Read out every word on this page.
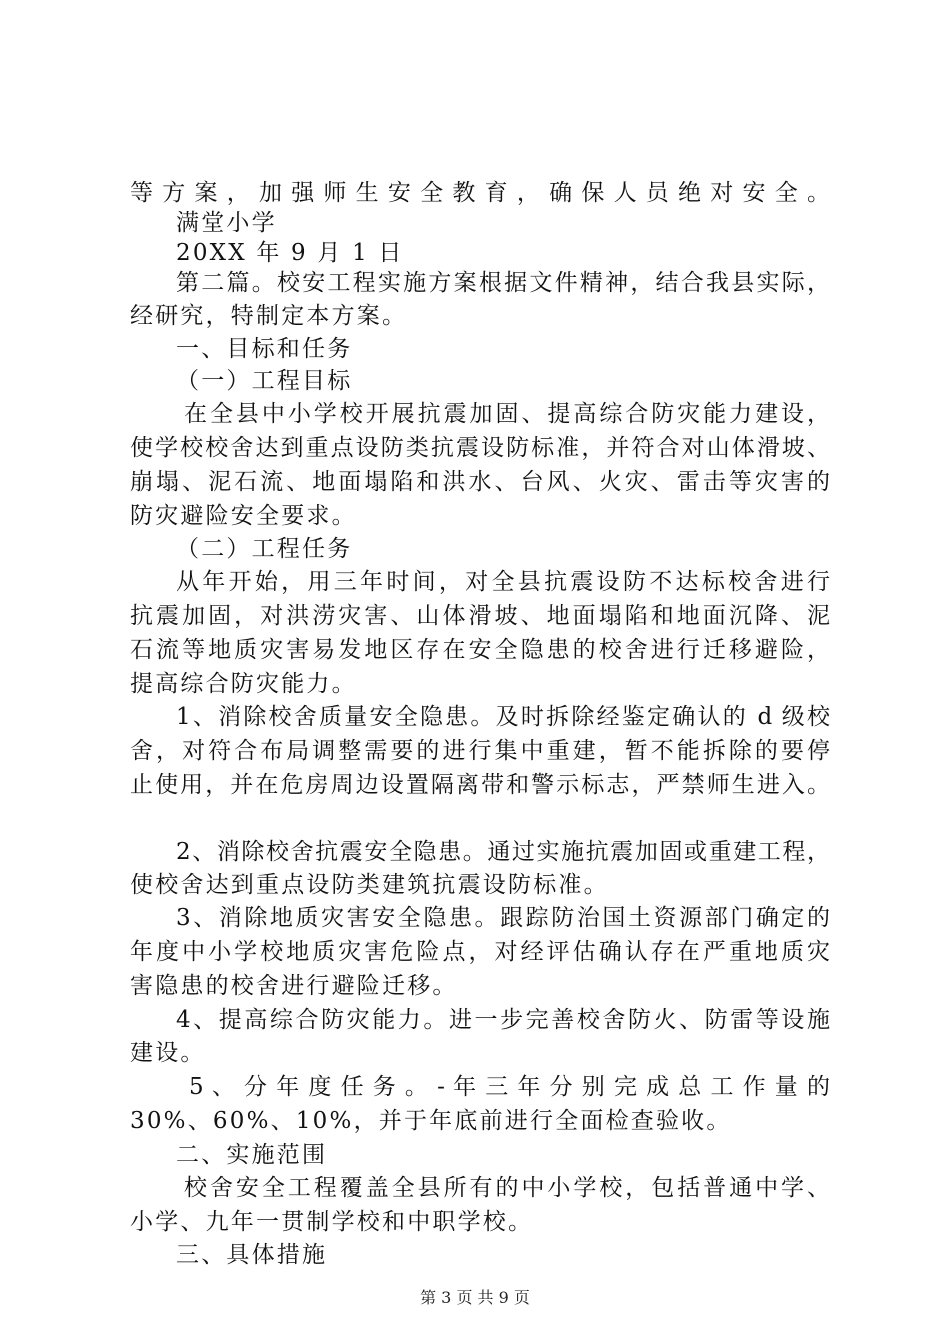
等方案，加强师生安全教育，确保人员绝对安全。
满堂小学
20XX 年 9 月 1 日
第二篇。校安工程实施方案根据文件精神，结合我县实际，
经研究，特制定本方案。
一、目标和任务
（一）工程目标
在全县中小学校开展抗震加固、提高综合防灾能力建设，
使学校校舍达到重点设防类抗震设防标准，并符合对山体滑坡、
崩塌、泥石流、地面塌陷和洪水、台风、火灾、雷击等灾害的
防灾避险安全要求。
（二）工程任务
从年开始，用三年时间，对全县抗震设防不达标校舍进行
抗震加固，对洪涝灾害、山体滑坡、地面塌陷和地面沉降、泥
石流等地质灾害易发地区存在安全隐患的校舍进行迁移避险，
提高综合防灾能力。
1、消除校舍质量安全隐患。及时拆除经鉴定确认的 d 级校
舍，对符合布局调整需要的进行集中重建，暂不能拆除的要停
止使用，并在危房周边设置隔离带和警示标志，严禁师生进入。
2、消除校舍抗震安全隐患。通过实施抗震加固或重建工程，
使校舍达到重点设防类建筑抗震设防标准。
3、消除地质灾害安全隐患。跟踪防治国土资源部门确定的
年度中小学校地质灾害危险点，对经评估确认存在严重地质灾
害隐患的校舍进行避险迁移。
4、提高综合防灾能力。进一步完善校舍防火、防雷等设施
建设。
5 、 分 年 度 任 务 。 - 年 三 年 分 别 完 成 总 工 作 量 的
30%、60%、10%，并于年底前进行全面检查验收。
二、实施范围
校舍安全工程覆盖全县所有的中小学校，包括普通中学、
小学、九年一贯制学校和中职学校。
三、具体措施
第 3 页 共 9 页
